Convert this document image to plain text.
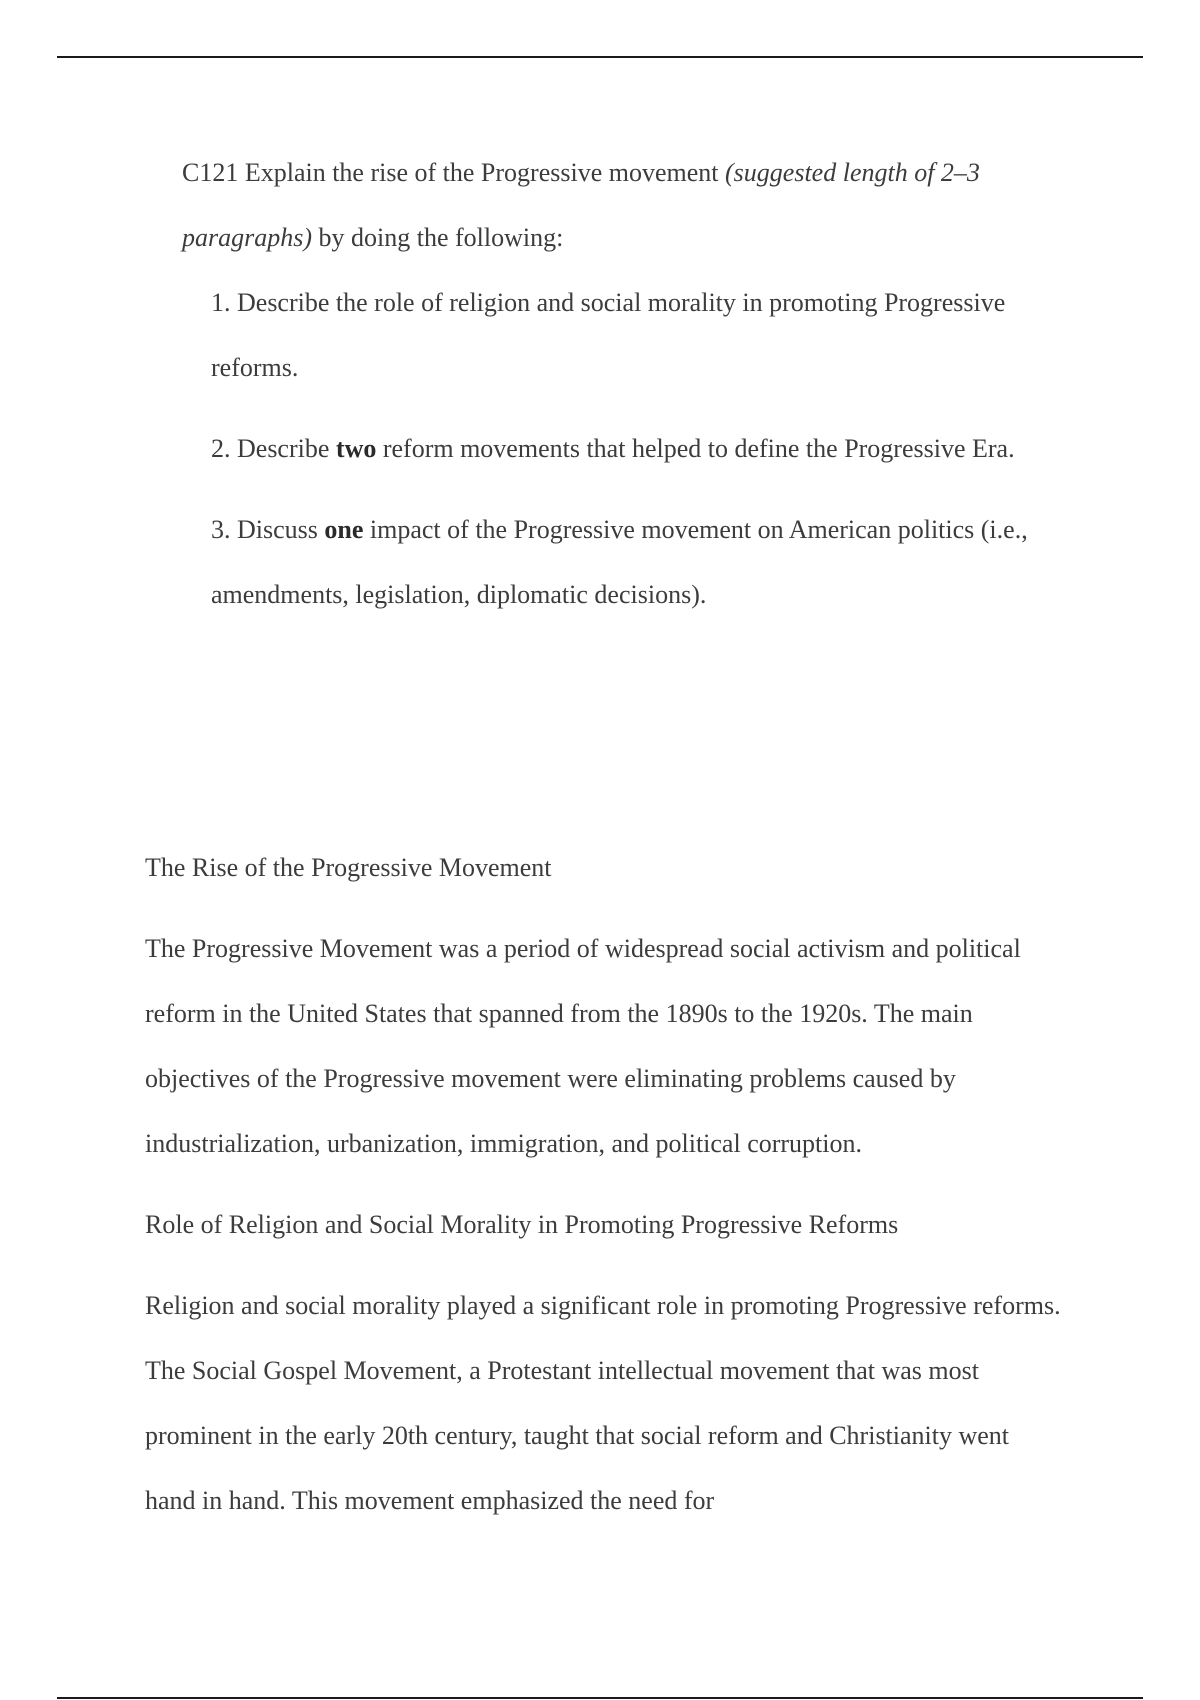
C121 Explain the rise of the Progressive movement (suggested length of 2–3 paragraphs) by doing the following:

1. Describe the role of religion and social morality in promoting Progressive reforms.
2. Describe two reform movements that helped to define the Progressive Era.
3. Discuss one impact of the Progressive movement on American politics (i.e., amendments, legislation, diplomatic decisions).

The Rise of the Progressive Movement

The Progressive Movement was a period of widespread social activism and political reform in the United States that spanned from the 1890s to the 1920s. The main objectives of the Progressive movement were eliminating problems caused by industrialization, urbanization, immigration, and political corruption.

Role of Religion and Social Morality in Promoting Progressive Reforms

Religion and social morality played a significant role in promoting Progressive reforms. The Social Gospel Movement, a Protestant intellectual movement that was most prominent in the early 20th century, taught that social reform and Christianity went hand in hand. This movement emphasized the need for
